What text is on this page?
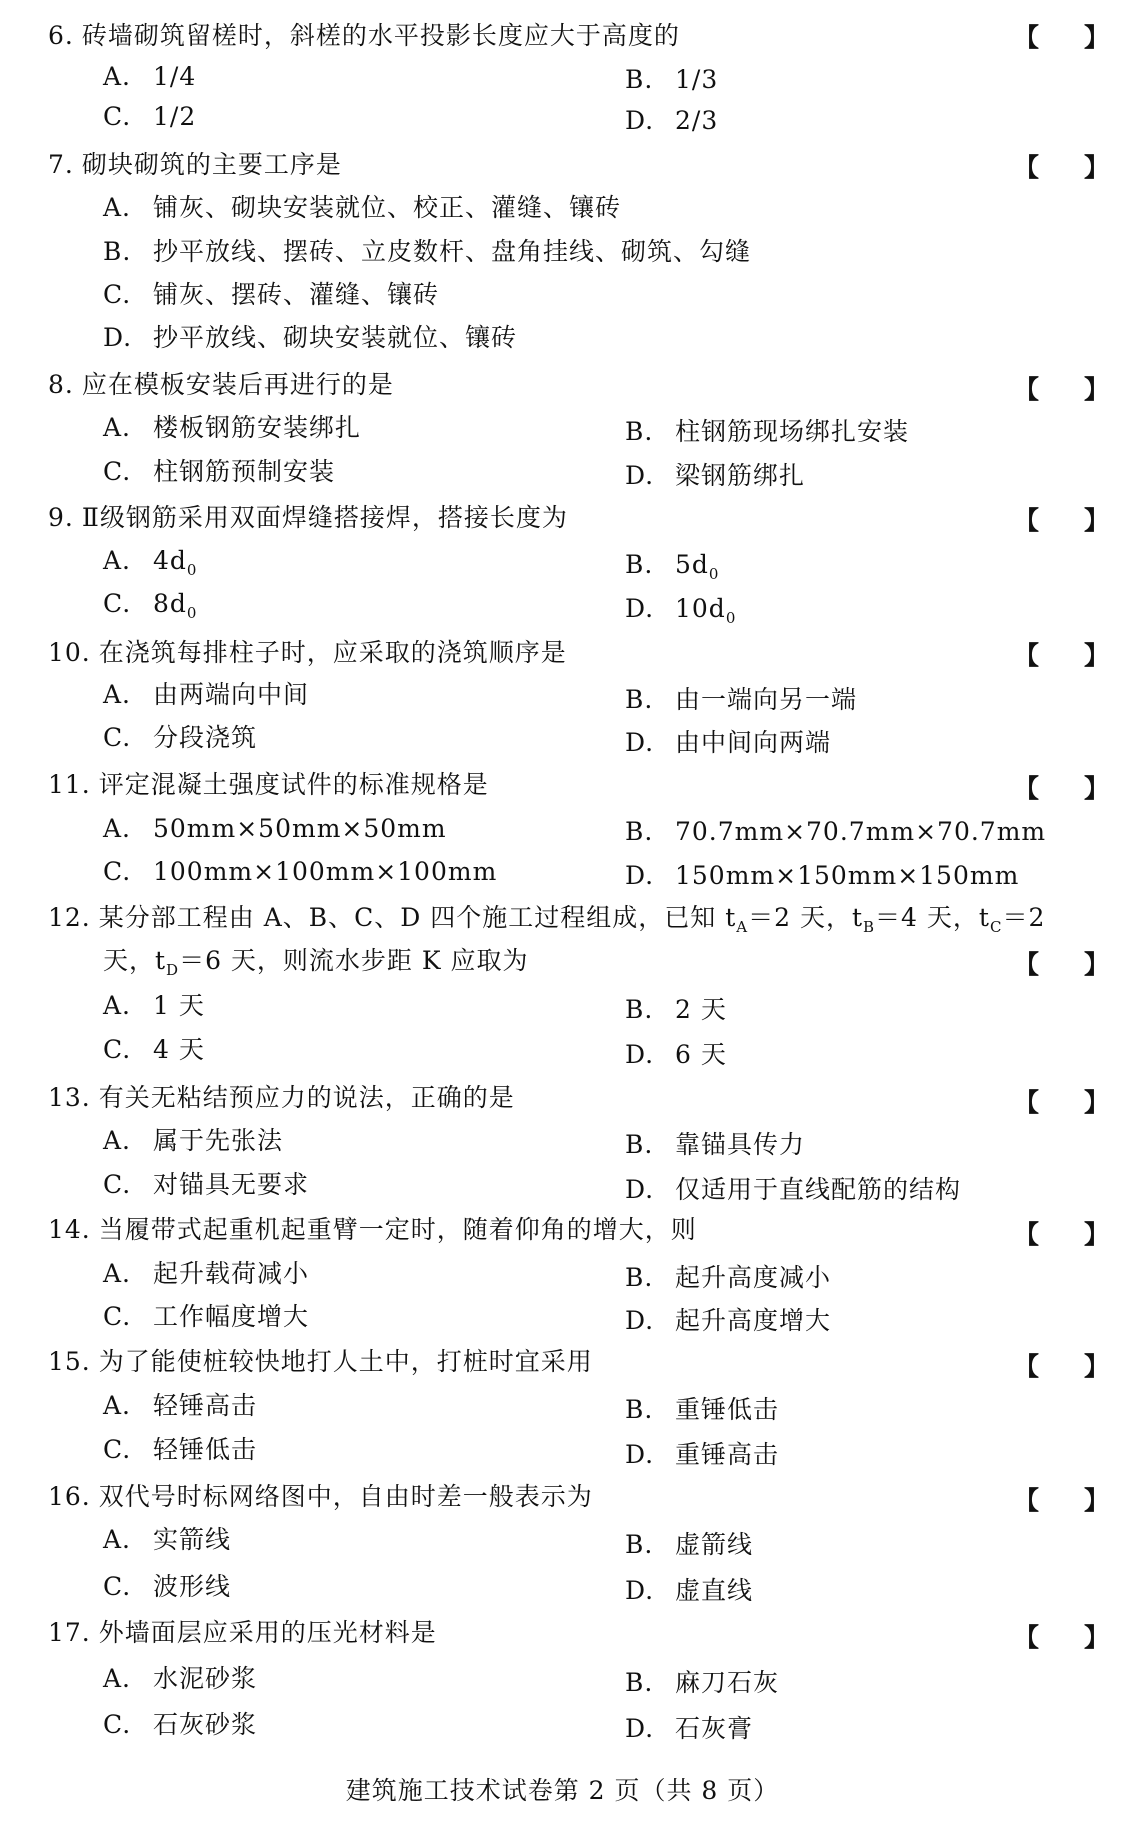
6. 砖墙砌筑留槎时，斜槎的水平投影长度应大于高度的	【 】
A. 1/4	B. 1/3
C. 1/2	D. 2/3
7. 砌块砌筑的主要工序是	【 】
A. 铺灰、砌块安装就位、校正、灌缝、镶砖
B. 抄平放线、摆砖、立皮数杆、盘角挂线、砌筑、勾缝
C. 铺灰、摆砖、灌缝、镶砖
D. 抄平放线、砌块安装就位、镶砖
8. 应在模板安装后再进行的是	【 】
A. 楼板钢筋安装绑扎	B. 柱钢筋现场绑扎安装
C. 柱钢筋预制安装	D. 梁钢筋绑扎
9. Ⅱ级钢筋采用双面焊缝搭接焊，搭接长度为	【 】
A. $4d_0$	B. $5d_0$
C. $8d_0$	D. $10d_0$
10. 在浇筑每排柱子时，应采取的浇筑顺序是	【 】
A. 由两端向中间	B. 由一端向另一端
C. 分段浇筑	D. 由中间向两端
11. 评定混凝土强度试件的标准规格是	【 】
A. 50mm×50mm×50mm	B. 70.7mm×70.7mm×70.7mm
C. 100mm×100mm×100mm	D. 150mm×150mm×150mm
12. 某分部工程由 A、B、C、D 四个施工过程组成，已知 $t_A=2$ 天，$t_B=4$ 天，$t_C=2$
天，$t_D=6$ 天，则流水步距 K 应取为	【 】
A. 1 天	B. 2 天
C. 4 天	D. 6 天
13. 有关无粘结预应力的说法，正确的是	【 】
A. 属于先张法	B. 靠锚具传力
C. 对锚具无要求	D. 仅适用于直线配筋的结构
14. 当履带式起重机起重臂一定时，随着仰角的增大，则	【 】
A. 起升载荷减小	B. 起升高度减小
C. 工作幅度增大	D. 起升高度增大
15. 为了能使桩较快地打人土中，打桩时宜采用	【 】
A. 轻锤高击	B. 重锤低击
C. 轻锤低击	D. 重锤高击
16. 双代号时标网络图中，自由时差一般表示为	【 】
A. 实箭线	B. 虚箭线
C. 波形线	D. 虚直线
17. 外墙面层应采用的压光材料是	【 】
A. 水泥砂浆	B. 麻刀石灰
C. 石灰砂浆	D. 石灰膏
建筑施工技术试卷第 2 页（共 8 页）
